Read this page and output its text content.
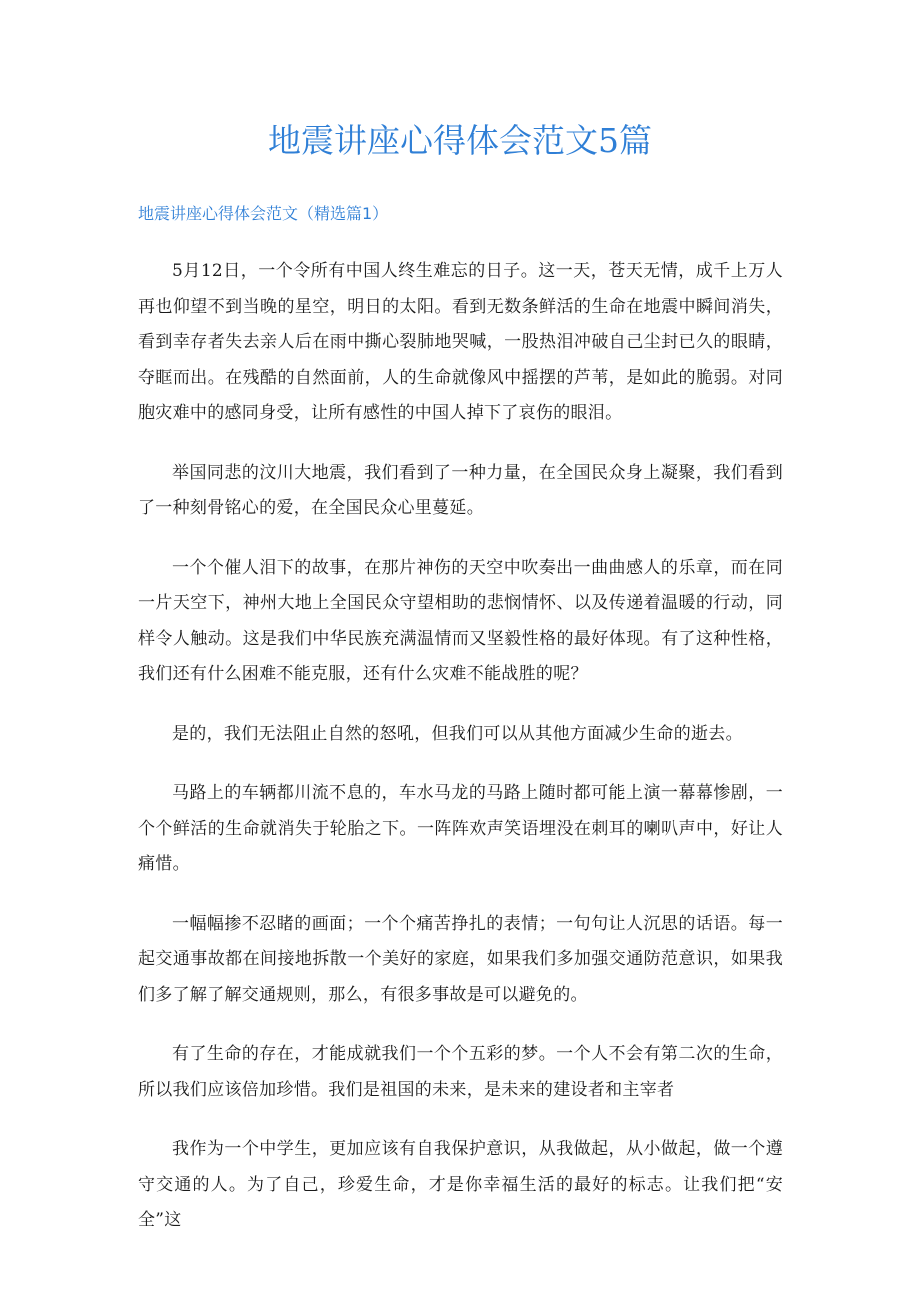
地震讲座心得体会范文5篇
地震讲座心得体会范文（精选篇1）

5月12日，一个令所有中国人终生难忘的日子。这一天，苍天无情，成千上万人再也仰望不到当晚的星空，明日的太阳。看到无数条鲜活的生命在地震中瞬间消失，看到幸存者失去亲人后在雨中撕心裂肺地哭喊，一股热泪冲破自己尘封已久的眼睛，夺眶而出。在残酷的自然面前，人的生命就像风中摇摆的芦苇，是如此的脆弱。对同胞灾难中的感同身受，让所有感性的中国人掉下了哀伤的眼泪。

举国同悲的汶川大地震，我们看到了一种力量，在全国民众身上凝聚，我们看到了一种刻骨铭心的爱，在全国民众心里蔓延。

一个个催人泪下的故事，在那片神伤的天空中吹奏出一曲曲感人的乐章，而在同一片天空下，神州大地上全国民众守望相助的悲悯情怀、以及传递着温暖的行动，同样令人触动。这是我们中华民族充满温情而又坚毅性格的最好体现。有了这种性格，我们还有什么困难不能克服，还有什么灾难不能战胜的呢？

是的，我们无法阻止自然的怒吼，但我们可以从其他方面减少生命的逝去。

马路上的车辆都川流不息的，车水马龙的马路上随时都可能上演一幕幕惨剧，一个个鲜活的生命就消失于轮胎之下。一阵阵欢声笑语埋没在刺耳的喇叭声中，好让人痛惜。

一幅幅掺不忍睹的画面；一个个痛苦挣扎的表情；一句句让人沉思的话语。每一起交通事故都在间接地拆散一个美好的家庭，如果我们多加强交通防范意识，如果我们多了解了解交通规则，那么，有很多事故是可以避免的。

有了生命的存在，才能成就我们一个个五彩的梦。一个人不会有第二次的生命，所以我们应该倍加珍惜。我们是祖国的未来，是未来的建设者和主宰者

我作为一个中学生，更加应该有自我保护意识，从我做起，从小做起，做一个遵守交通的人。为了自己，珍爱生命，才是你幸福生活的最好的标志。让我们把“安全”这
